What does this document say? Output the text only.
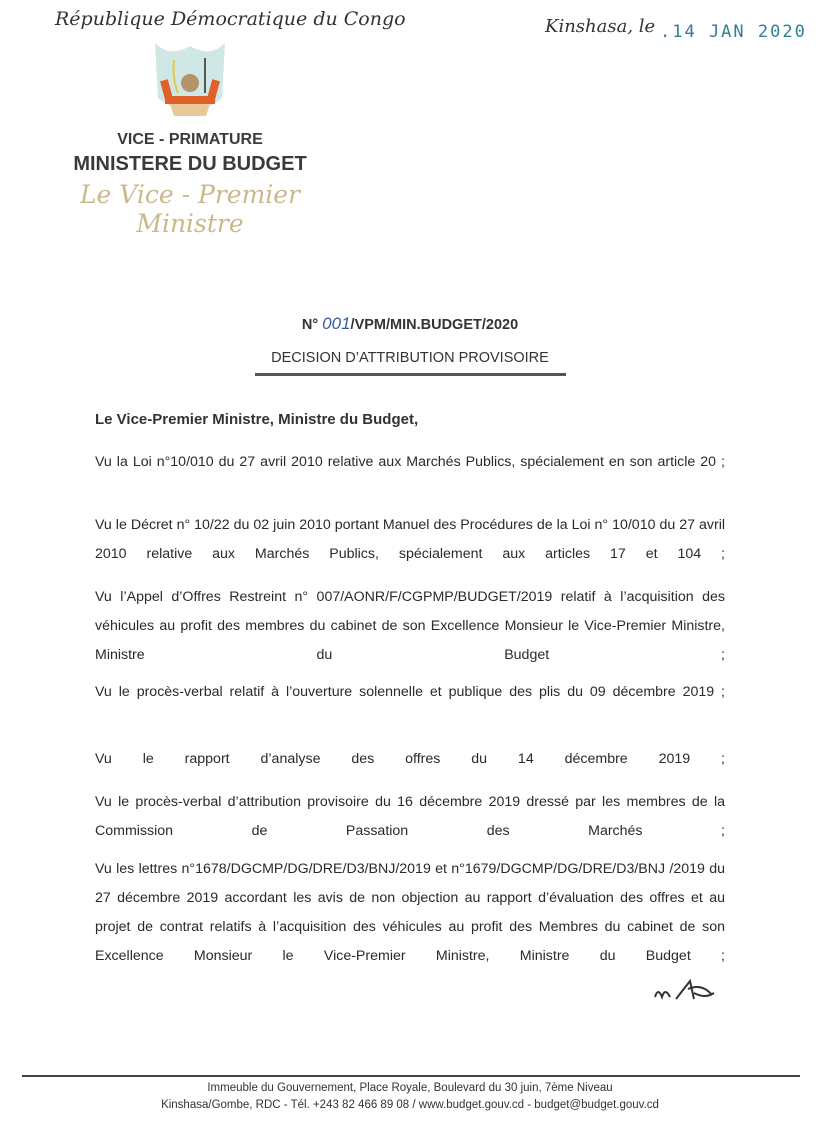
République Démocratique du Congo	Kinshasa, le .14 JAN 2020
VICE - PRIMATURE
MINISTERE DU BUDGET
Le Vice - Premier Ministre
N° 001/VPM/MIN.BUDGET/2020
DECISION D’ATTRIBUTION PROVISOIRE
Le Vice-Premier Ministre, Ministre du Budget,
Vu la Loi n°10/010 du 27 avril 2010 relative aux Marchés Publics, spécialement en son article 20 ;
Vu le Décret n° 10/22 du 02 juin 2010 portant Manuel des Procédures de la Loi n° 10/010 du 27 avril 2010 relative aux Marchés Publics, spécialement aux articles 17 et 104 ;
Vu l’Appel d’Offres Restreint n° 007/AONR/F/CGPMP/BUDGET/2019 relatif à l’acquisition des véhicules au profit des membres du cabinet de son Excellence Monsieur le Vice-Premier Ministre, Ministre du Budget ;
Vu le procès-verbal relatif à l’ouverture solennelle et publique des plis du 09 décembre 2019 ;
Vu le rapport d’analyse des offres du 14 décembre 2019 ;
Vu le procès-verbal d’attribution provisoire du 16 décembre 2019 dressé par les membres de la Commission de Passation des Marchés ;
Vu les lettres n°1678/DGCMP/DG/DRE/D3/BNJ/2019 et n°1679/DGCMP/DG/DRE/D3/BNJ /2019 du 27 décembre 2019 accordant les avis de non objection au rapport d’évaluation des offres et au projet de contrat relatifs à l’acquisition des véhicules au profit des Membres du cabinet de son Excellence Monsieur le Vice-Premier Ministre, Ministre du Budget ;
Immeuble du Gouvernement, Place Royale, Boulevard du 30 juin, 7ème Niveau
Kinshasa/Gombe, RDC - Tél. +243 82 466 89 08 / www.budget.gouv.cd - budget@budget.gouv.cd
